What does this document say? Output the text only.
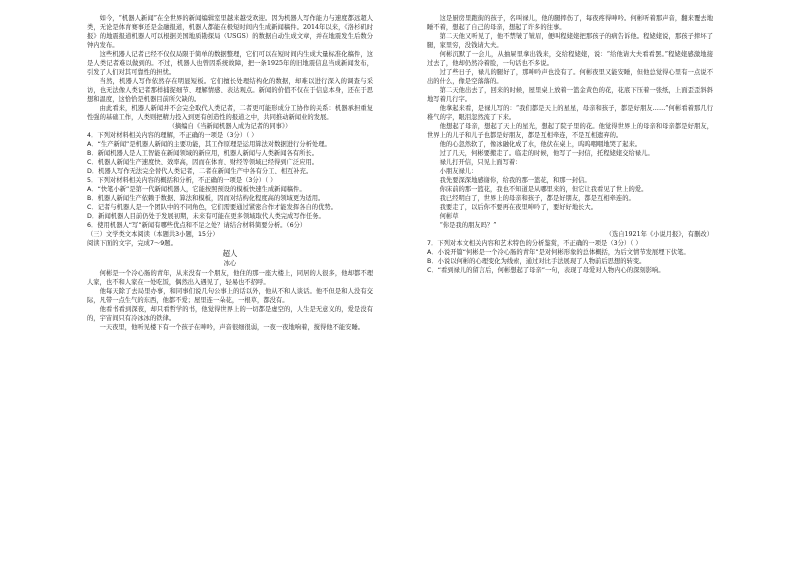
如今，“机器人新闻”在全世界的新闻编辑室里越来越受欢迎。因为机器人写作能力与速度都远超人类，无论是体育赛事还是金融报道，机器人都能在极短时间内生成新闻稿件。2014年以来，《洛杉矶时报》的地震报道机器人可以根据美国地质勘探局（USGS）的数据自动生成文章，并在地震发生后数分钟内发布。

这些机器人记者已经不仅仅局限于简单的数据整理，它们可以在短时间内生成大量标准化稿件，这是人类记者难以做到的。不过，机器人也曾因系统故障，把一条1925年的旧地震信息当成新闻发布，引发了人们对其可靠性的担忧。

当然，机器人写作依然存在明显短板。它们擅长处理结构化的数据，却难以进行深入的调查与采访，也无法像人类记者那样捕捉细节、理解情感、表达观点。新闻的价值不仅在于信息本身，还在于思想和温度，这恰恰是机器目前所欠缺的。

由此看来，机器人新闻并不会完全取代人类记者，二者更可能形成分工协作的关系：机器承担重复性强的基础工作，人类则把精力投入到更有创造性的报道之中，共同推动新闻业的发展。

（摘编自《当新闻机器人成为记者的同事》）

4．下列对材料相关内容的理解，不正确的一项是（3分）（ ）

A．“生产新闻”是机器人新闻的主要功能，其工作原理是运用算法对数据进行分析处理。

B．新闻机器人是人工智能在新闻领域的新应用，机器人新闻与人类新闻各有所长。

C．机器人新闻生产速度快、效率高，因而在体育、财经等领域已经得到广泛应用。

D．机器人写作无法完全替代人类记者，二者在新闻生产中各有分工、相互补充。

5．下列对材料相关内容的概括和分析，不正确的一项是（3分）（ ）

A．“快笔小新”是第一代新闻机器人，它能按照预设的模板快速生成新闻稿件。

B．机器人新闻生产依赖于数据、算法和模板，因而对结构化程度高的领域更为适用。

C．记者与机器人是一个团队中的不同角色，它们需要通过紧密合作才能发挥各自的优势。

D．新闻机器人目前仍处于发展初期，未来有可能在更多领域取代人类完成写作任务。

6．使用机器人“写”新闻有哪些优点和不足之处？请结合材料简要分析。（6分）

（三）文学类文本阅读（本题共3小题，15分）

阅读下面的文字，完成7～9题。

超人

冰心

何彬是一个冷心肠的青年，从来没有一个朋友，他住的那一座大楼上，同居的人很多，他却都不理人家，也不和人家在一处吃饭，偶然出入遇见了，轻易也不招呼。

他每天除了去局里办事，和同事们说几句公事上的话以外，他从不和人谈话。他不但是和人没有交际，凡带一点生气的东西，他都不爱；屋里连一朵花，一根草，都没有。

他看书看到深夜，却只看哲学的书，他觉得世界上的一切都是虚空的，人生是无意义的，爱是没有的，宇宙间只有冷冰冰的铁律。

一天夜里，他听见楼下有一个孩子在呻吟，声音很细很弱，一夜一夜地响着，搅得他不能安睡。

这是厨房里跑街的孩子，名叫禄儿，他的腿摔伤了，每夜疼得呻吟。何彬听着那声音，翻来覆去地睡不着，想起了自己的母亲，想起了许多的往事。

第二天他又听见了，他不禁皱了皱眉，便叫程姥姥把那孩子的病告诉他。程姥姥说，那孩子摔坏了腿，家里穷，没钱请大夫。

何彬沉默了一会儿，从抽屉里拿出钱来，交给程姥姥，说：“给他请大夫看看罢。”程姥姥感激地接过去了，他却仍然冷着脸，一句话也不多说。

过了些日子，禄儿的腿好了，那呻吟声也没有了。何彬夜里又能安睡，但他总觉得心里有一点说不出的什么，像是空落落的。

第二天他出去了，回来的时候，屋里桌上放着一篮金黄色的花，花底下压着一张纸，上面歪歪斜斜地写着几行字。

他拿起来看，是禄儿写的：“我们都是天上的星星，母亲和孩子，都是好朋友……”何彬看着那几行稚气的字，眼泪忽然流了下来。

他想起了母亲，想起了天上的星光，想起了院子里的花。他觉得世界上的母亲和母亲都是好朋友，世界上的儿子和儿子也都是好朋友，都是互相牵连，不是互相遗弃的。

他的心忽然软了，像冰融化成了水，他伏在桌上，呜呜咽咽地哭了起来。

过了几天，何彬要搬走了。临走的时候，他写了一封信，托程姥姥交给禄儿。

禄儿打开信，只见上面写着：

小朋友禄儿：

我先要深深地感谢你，给我的那一篮花，和那一封信。

你床前的那一篮花，我也不知道是从哪里来的，但它让我看见了世上的爱。

我已经明白了，世界上的母亲和孩子，都是好朋友，都是互相牵连的。

我要走了，以后你不要再在夜里呻吟了，要好好地长大。

何彬草

“你是我的朋友吗？”

（选自1921年《小说月报》，有删改）

7．下列对本文相关内容和艺术特色的分析鉴赏，不正确的一项是（3分）（ ）

A．小说开篇“何彬是一个冷心肠的青年”是对何彬形象的总体概括，为后文情节发展埋下伏笔。

B．小说以何彬的心理变化为线索，通过对比手法展现了人物前后思想的转变。

C．“看到禄儿的留言后，何彬想起了母亲”一句，表现了母爱对人物内心的深刻影响。
